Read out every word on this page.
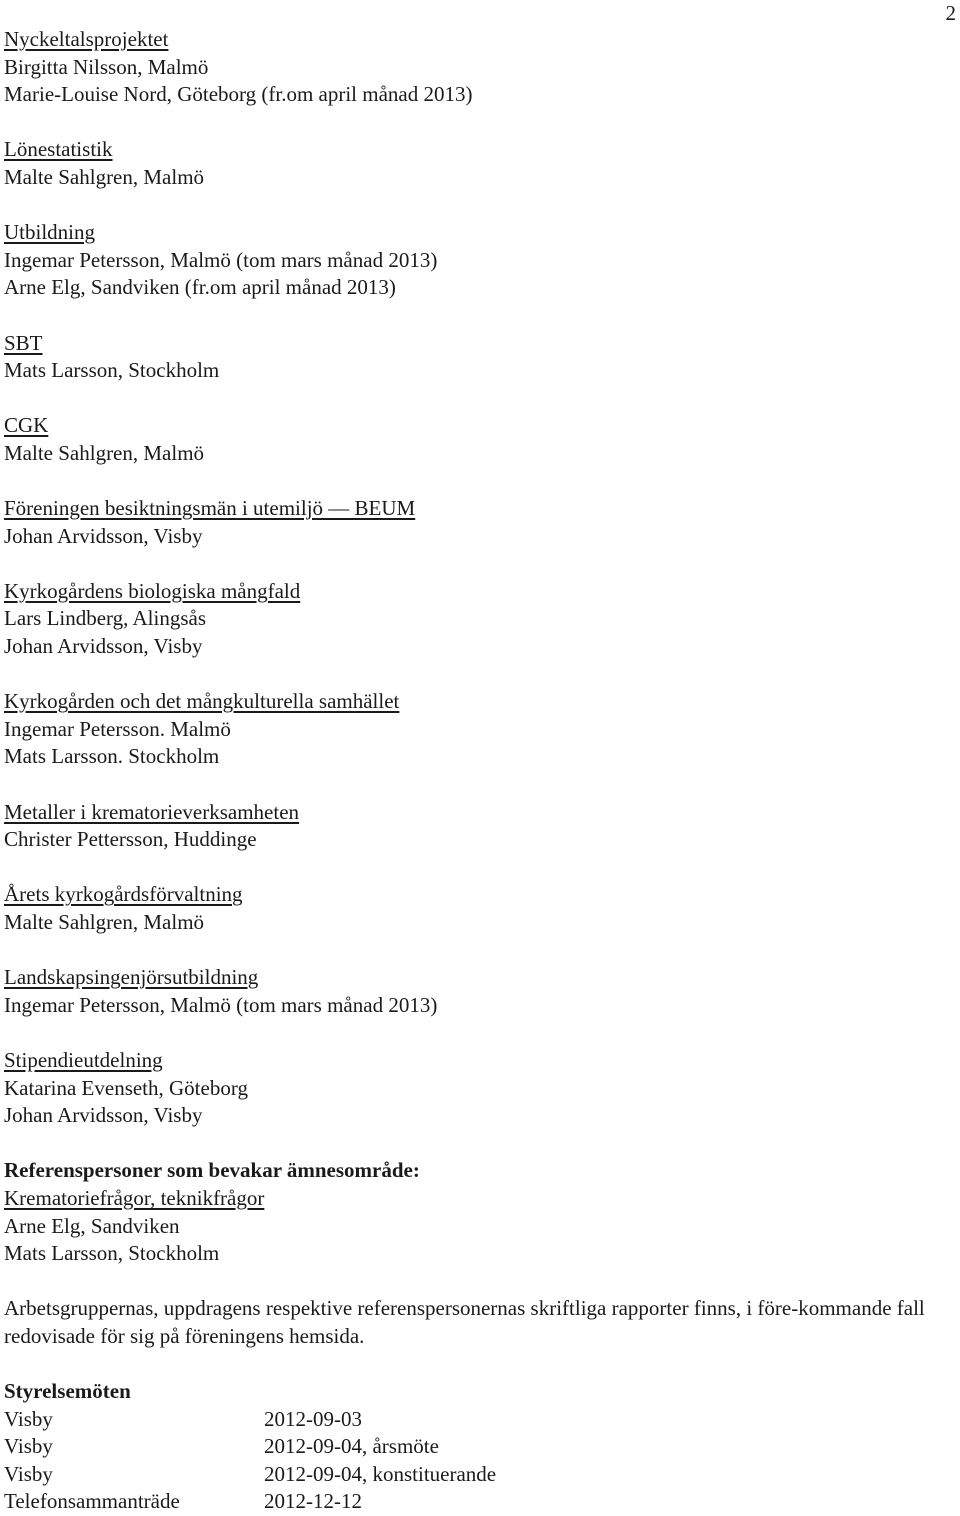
2
Nyckeltalsprojektet
Birgitta Nilsson, Malmö
Marie-Louise Nord, Göteborg (fr.om april månad 2013)
Lönestatistik
Malte Sahlgren, Malmö
Utbildning
Ingemar Petersson, Malmö (tom mars månad 2013)
Arne Elg, Sandviken (fr.om april månad 2013)
SBT
Mats Larsson, Stockholm
CGK
Malte Sahlgren, Malmö
Föreningen besiktningsmän i utemiljö — BEUM
Johan Arvidsson, Visby
Kyrkogårdens biologiska mångfald
Lars Lindberg, Alingsås
Johan Arvidsson, Visby
Kyrkogården och det mångkulturella samhället
Ingemar Petersson. Malmö
Mats Larsson. Stockholm
Metaller i krematorieverksamheten
Christer Pettersson, Huddinge
Årets kyrkogårdsförvaltning
Malte Sahlgren, Malmö
Landskapsingenjörsutbildning
Ingemar Petersson, Malmö (tom mars månad 2013)
Stipendieutdelning
Katarina Evenseth, Göteborg
Johan Arvidsson, Visby
Referenspersoner som bevakar ämnesområde:
Krematoriefrågor, teknikfrågor
Arne Elg, Sandviken
Mats Larsson, Stockholm
Arbetsgruppernas, uppdragens respektive referenspersonernas skriftliga rapporter finns, i före-kommande fall redovisade för sig på föreningens hemsida.
Styrelsemöten
Visby	2012-09-03
Visby	2012-09-04, årsmöte
Visby	2012-09-04, konstituerande
Telefonsammanträde	2012-12-12
